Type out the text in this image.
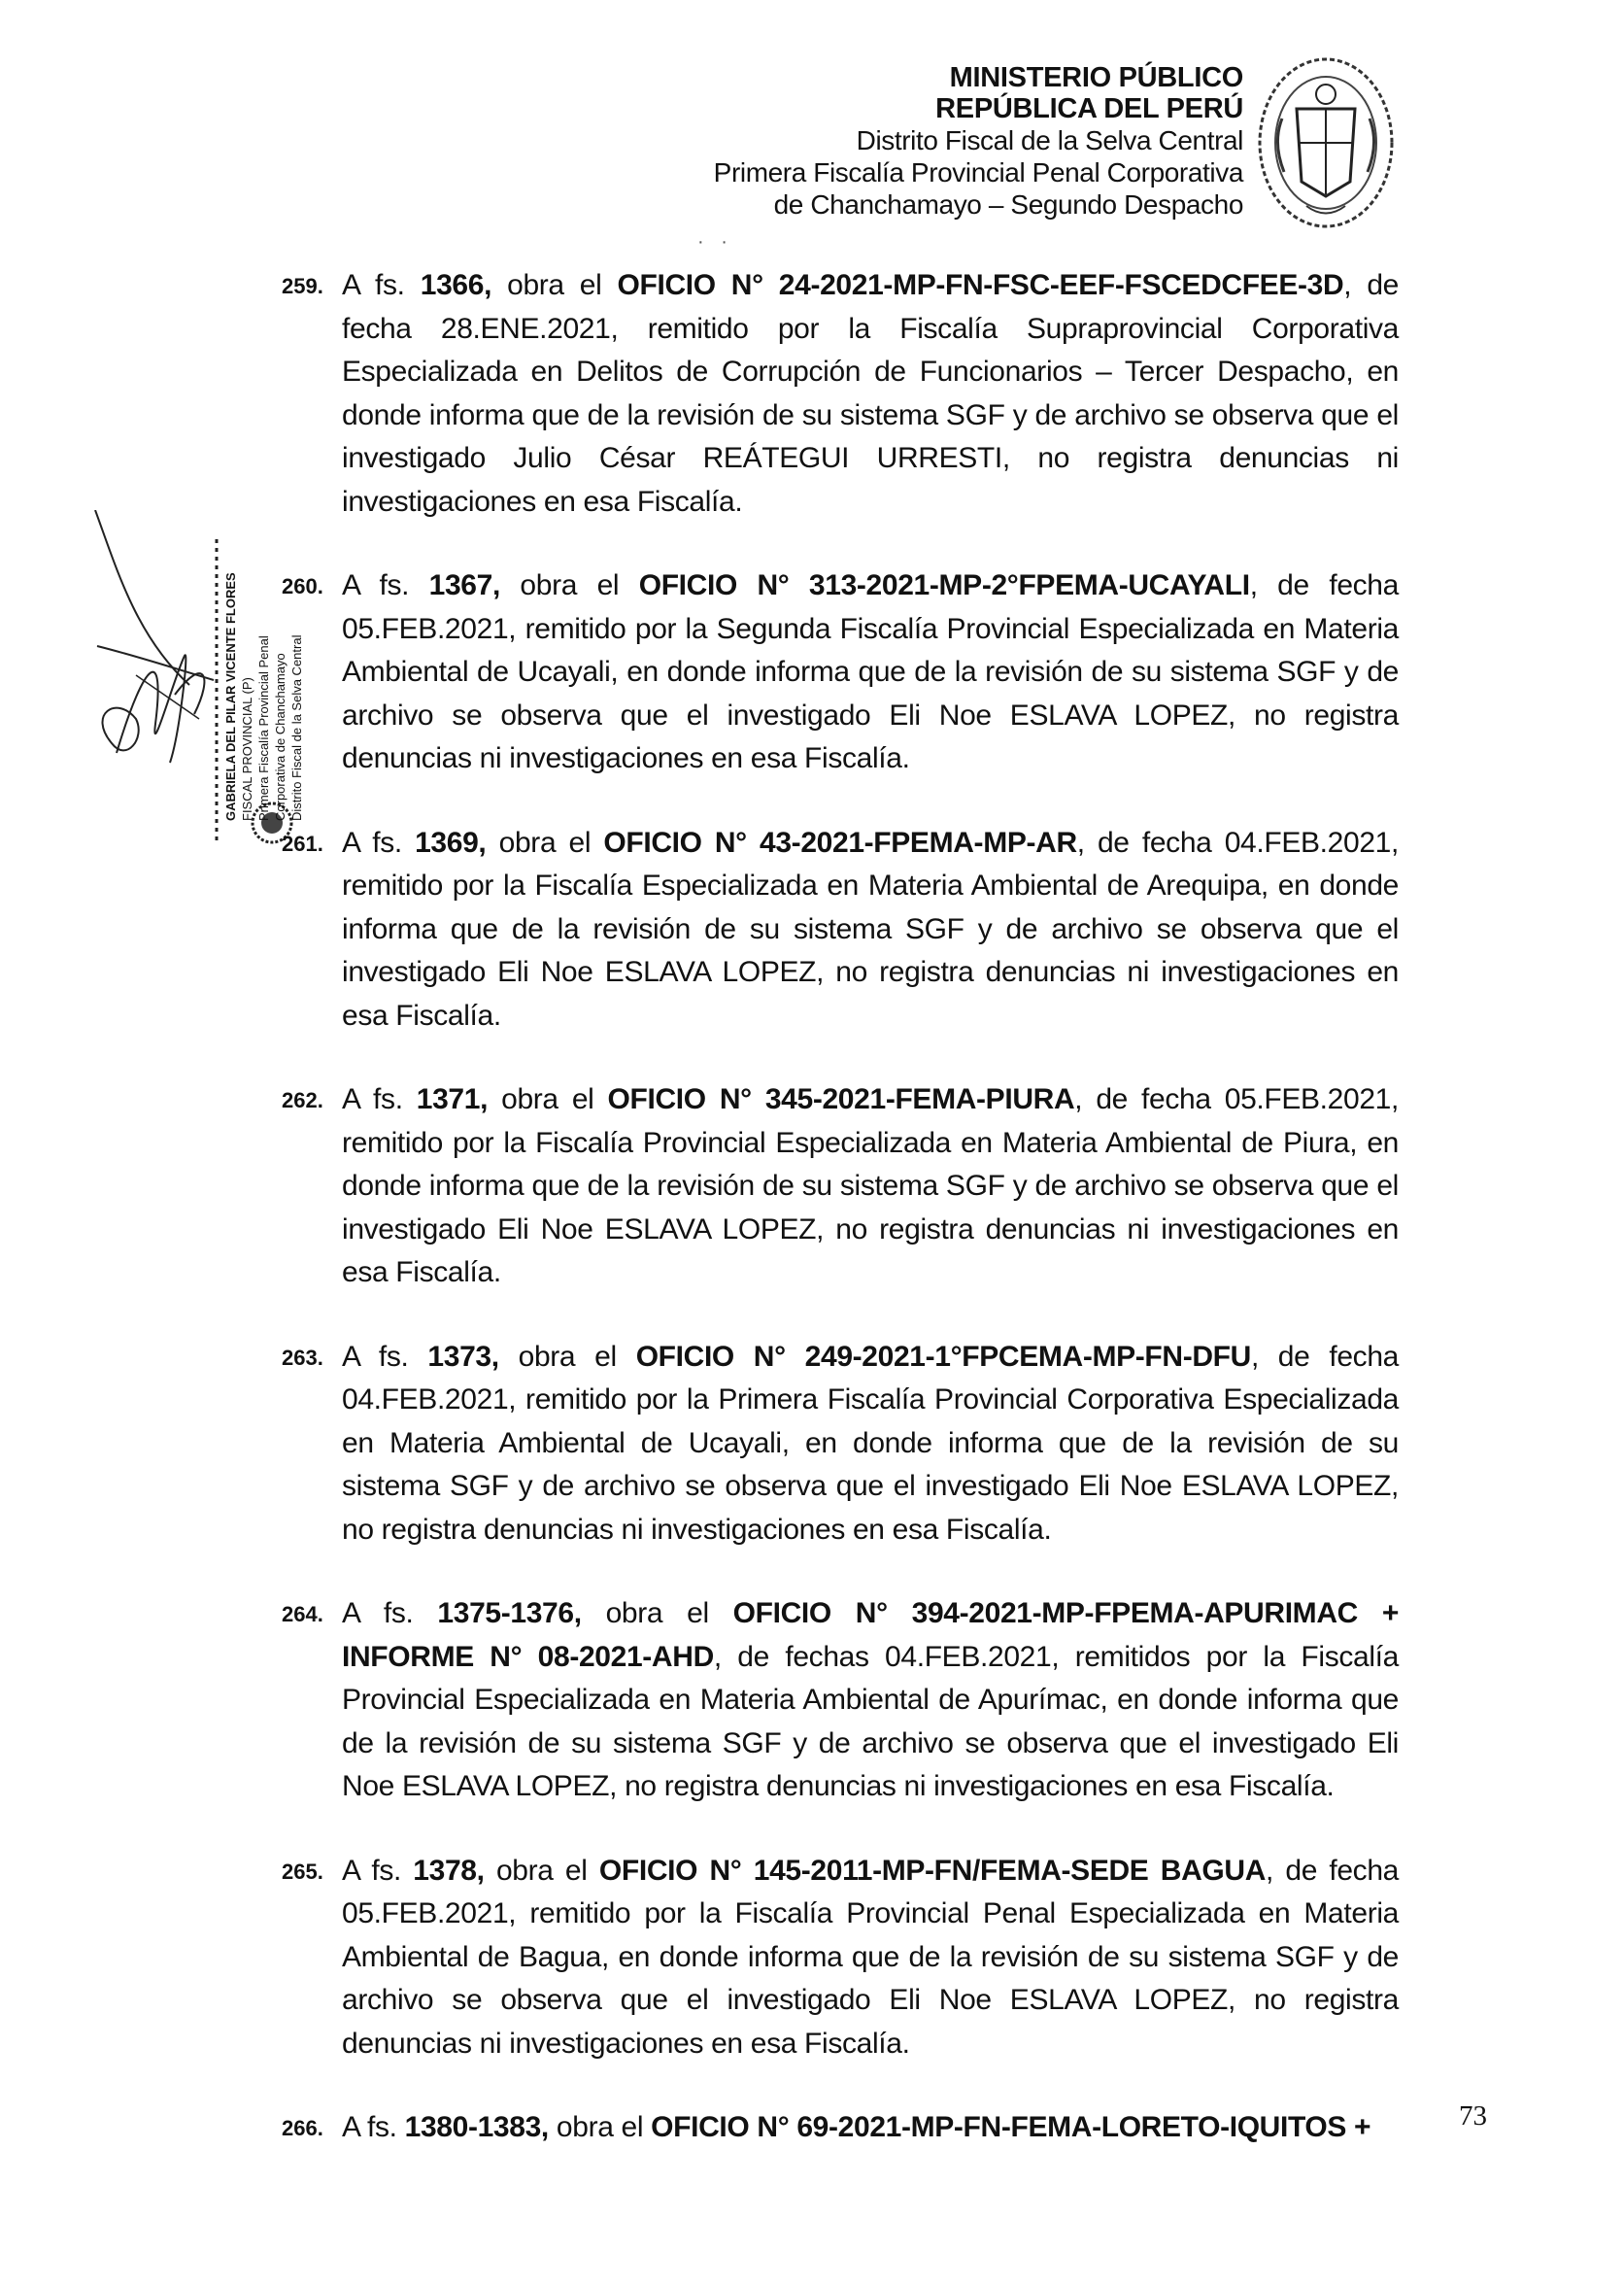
MINISTERIO PÚBLICO
REPÚBLICA DEL PERÚ
Distrito Fiscal de la Selva Central
Primera Fiscalía Provincial Penal Corporativa
de Chanchamayo – Segundo Despacho
· ·
GABRIELA DEL PILAR VICENTE FLORES FISCAL PROVINCIAL (P) Primera Fiscalía Provincial Penal Corporativa de Chanchamayo Distrito Fiscal de la Selva Central
259. A fs. 1366, obra el OFICIO N° 24-2021-MP-FN-FSC-EEF-FSCEDCFEE-3D, de fecha 28.ENE.2021, remitido por la Fiscalía Supraprovincial Corporativa Especializada en Delitos de Corrupción de Funcionarios – Tercer Despacho, en donde informa que de la revisión de su sistema SGF y de archivo se observa que el investigado Julio César REÁTEGUI URRESTI, no registra denuncias ni investigaciones en esa Fiscalía.
260. A fs. 1367, obra el OFICIO N° 313-2021-MP-2°FPEMA-UCAYALI, de fecha 05.FEB.2021, remitido por la Segunda Fiscalía Provincial Especializada en Materia Ambiental de Ucayali, en donde informa que de la revisión de su sistema SGF y de archivo se observa que el investigado Eli Noe ESLAVA LOPEZ, no registra denuncias ni investigaciones en esa Fiscalía.
261. A fs. 1369, obra el OFICIO N° 43-2021-FPEMA-MP-AR, de fecha 04.FEB.2021, remitido por la Fiscalía Especializada en Materia Ambiental de Arequipa, en donde informa que de la revisión de su sistema SGF y de archivo se observa que el investigado Eli Noe ESLAVA LOPEZ, no registra denuncias ni investigaciones en esa Fiscalía.
262. A fs. 1371, obra el OFICIO N° 345-2021-FEMA-PIURA, de fecha 05.FEB.2021, remitido por la Fiscalía Provincial Especializada en Materia Ambiental de Piura, en donde informa que de la revisión de su sistema SGF y de archivo se observa que el investigado Eli Noe ESLAVA LOPEZ, no registra denuncias ni investigaciones en esa Fiscalía.
263. A fs. 1373, obra el OFICIO N° 249-2021-1°FPCEMA-MP-FN-DFU, de fecha 04.FEB.2021, remitido por la Primera Fiscalía Provincial Corporativa Especializada en Materia Ambiental de Ucayali, en donde informa que de la revisión de su sistema SGF y de archivo se observa que el investigado Eli Noe ESLAVA LOPEZ, no registra denuncias ni investigaciones en esa Fiscalía.
264. A fs. 1375-1376, obra el OFICIO N° 394-2021-MP-FPEMA-APURIMAC + INFORME N° 08-2021-AHD, de fechas 04.FEB.2021, remitidos por la Fiscalía Provincial Especializada en Materia Ambiental de Apurímac, en donde informa que de la revisión de su sistema SGF y de archivo se observa que el investigado Eli Noe ESLAVA LOPEZ, no registra denuncias ni investigaciones en esa Fiscalía.
265. A fs. 1378, obra el OFICIO N° 145-2011-MP-FN/FEMA-SEDE BAGUA, de fecha 05.FEB.2021, remitido por la Fiscalía Provincial Penal Especializada en Materia Ambiental de Bagua, en donde informa que de la revisión de su sistema SGF y de archivo se observa que el investigado Eli Noe ESLAVA LOPEZ, no registra denuncias ni investigaciones en esa Fiscalía.
266. A fs. 1380-1383, obra el OFICIO N° 69-2021-MP-FN-FEMA-LORETO-IQUITOS +	73
